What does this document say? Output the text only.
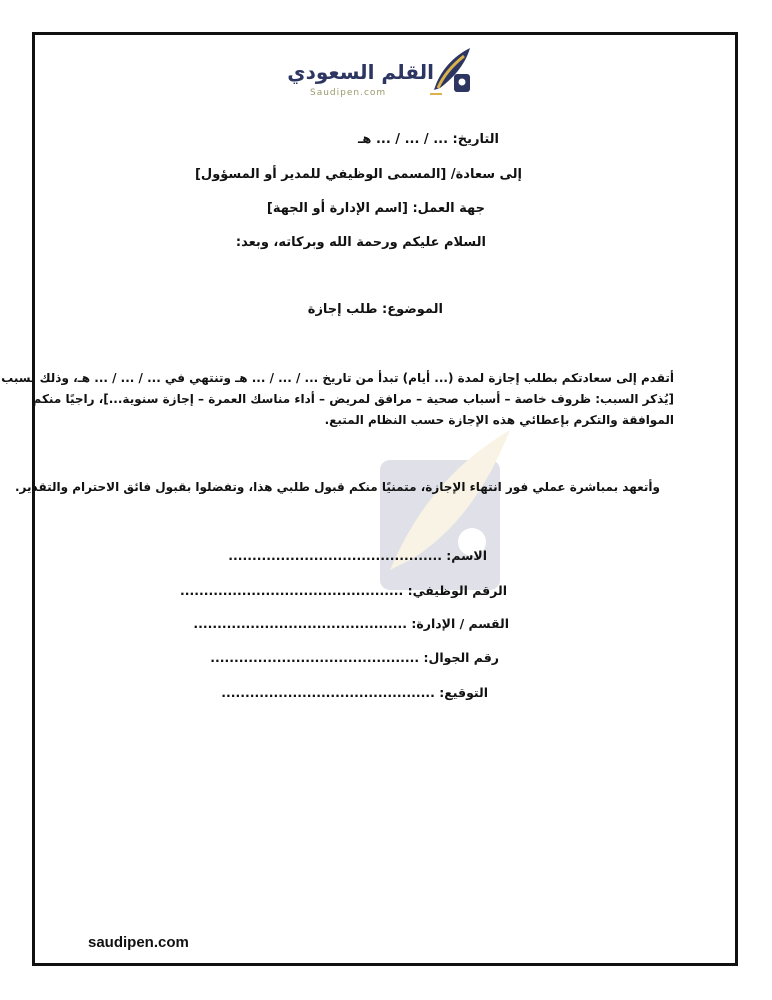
القلم السعودي
Saudipen.com
التاريخ: ... / ... / ... هـ
إلى سعادة/ [المسمى الوظيفي للمدير أو المسؤول]
جهة العمل: [اسم الإدارة أو الجهة]
السلام عليكم ورحمة الله وبركاته، وبعد:
الموضوع: طلب إجازة
أتقدم إلى سعادتكم بطلب إجازة لمدة (... أيام) تبدأ من تاريخ ... / ... / ... هـ وتنتهي في ... / ... / ... هـ، وذلك بسبب
[يُذكر السبب: ظروف خاصة – أسباب صحية – مرافق لمريض – أداء مناسك العمرة – إجازة سنوية...]، راجيًا منكم
الموافقة والتكرم بإعطائي هذه الإجازة حسب النظام المتبع.
وأتعهد بمباشرة عملي فور انتهاء الإجازة، متمنيًا منكم قبول طلبي هذا، وتفضلوا بقبول فائق الاحترام والتقدير.
الاسم: .............................................
الرقم الوظيفي: ...............................................
القسم / الإدارة: .............................................
رقم الجوال: ............................................
التوقيع: .............................................
saudipen.com
